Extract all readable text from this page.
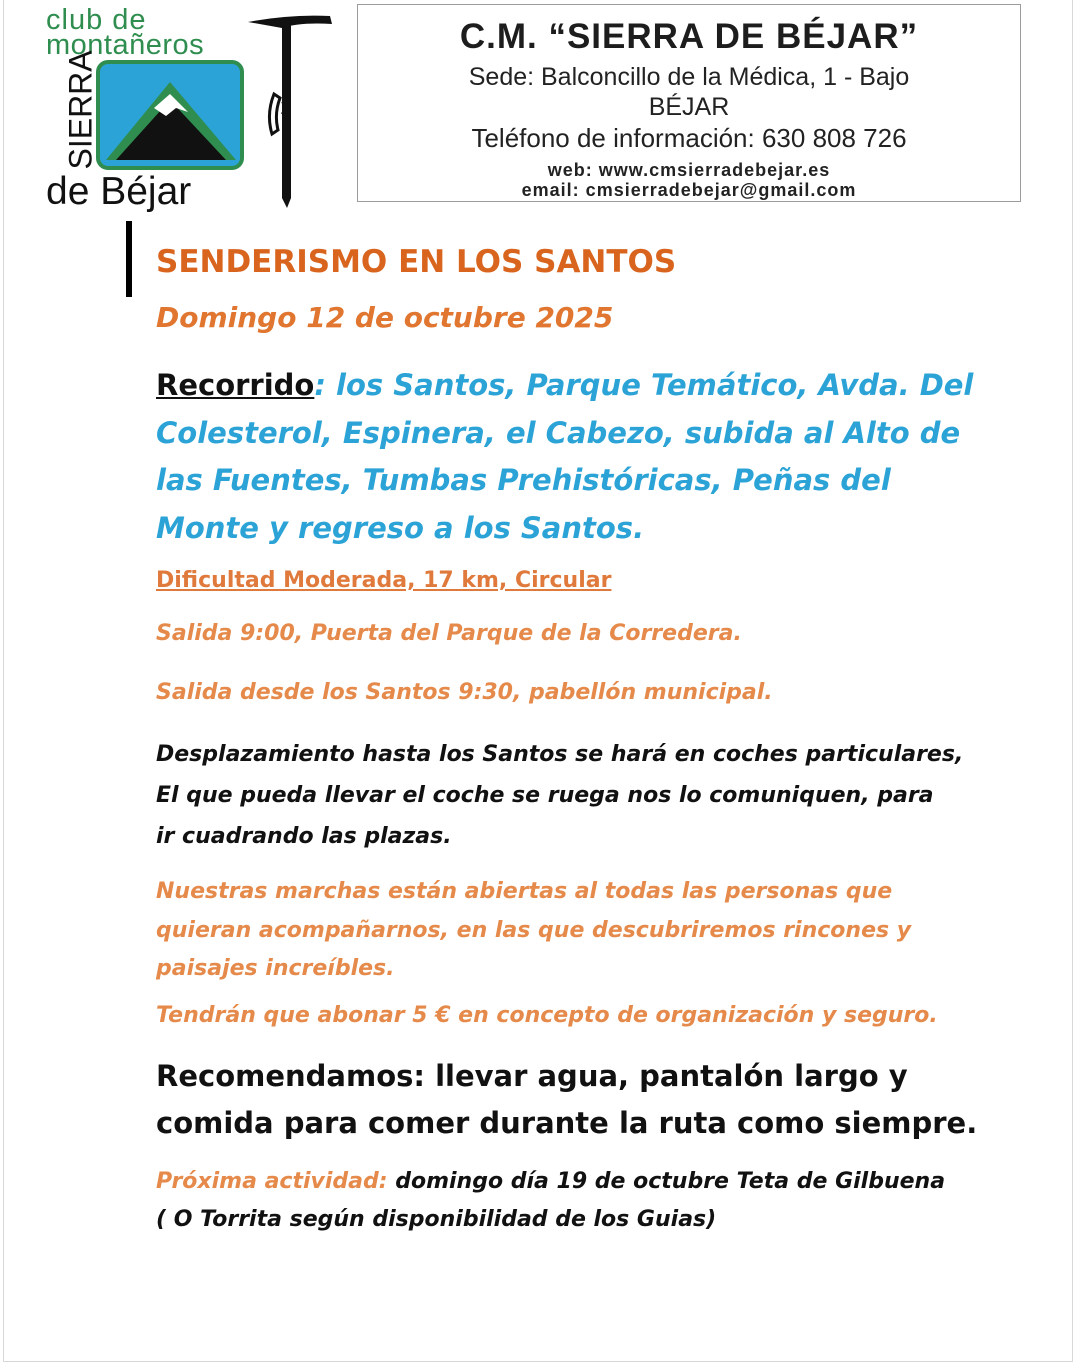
club de
montañeros
SIERRA
de Béjar
C.M. “SIERRA DE BÉJAR”
Sede: Balconcillo de la Médica, 1 - Bajo
BÉJAR
Teléfono de información: 630 808 726
web: www.cmsierradebejar.es
email: cmsierradebejar@gmail.com
SENDERISMO EN LOS SANTOS
Domingo 12 de octubre 2025
Recorrido: los Santos, Parque Temático, Avda. Del
Colesterol, Espinera, el Cabezo, subida al Alto de
las Fuentes, Tumbas Prehistóricas, Peñas del
Monte y regreso a los Santos.
Dificultad Moderada, 17 km, Circular
Salida 9:00, Puerta del Parque de la Corredera.
Salida desde los Santos 9:30, pabellón municipal.
Desplazamiento hasta los Santos se hará en coches particulares,
El que pueda llevar el coche se ruega nos lo comuniquen, para
ir cuadrando las plazas.
Nuestras marchas están abiertas al todas las personas que
quieran acompañarnos, en las que descubriremos rincones y
paisajes increíbles.
Tendrán que abonar 5 € en concepto de organización y seguro.
Recomendamos: llevar agua, pantalón largo y
comida para comer durante la ruta como siempre.
Próxima actividad: domingo día 19 de octubre Teta de Gilbuena
( O Torrita según disponibilidad de los Guias)
